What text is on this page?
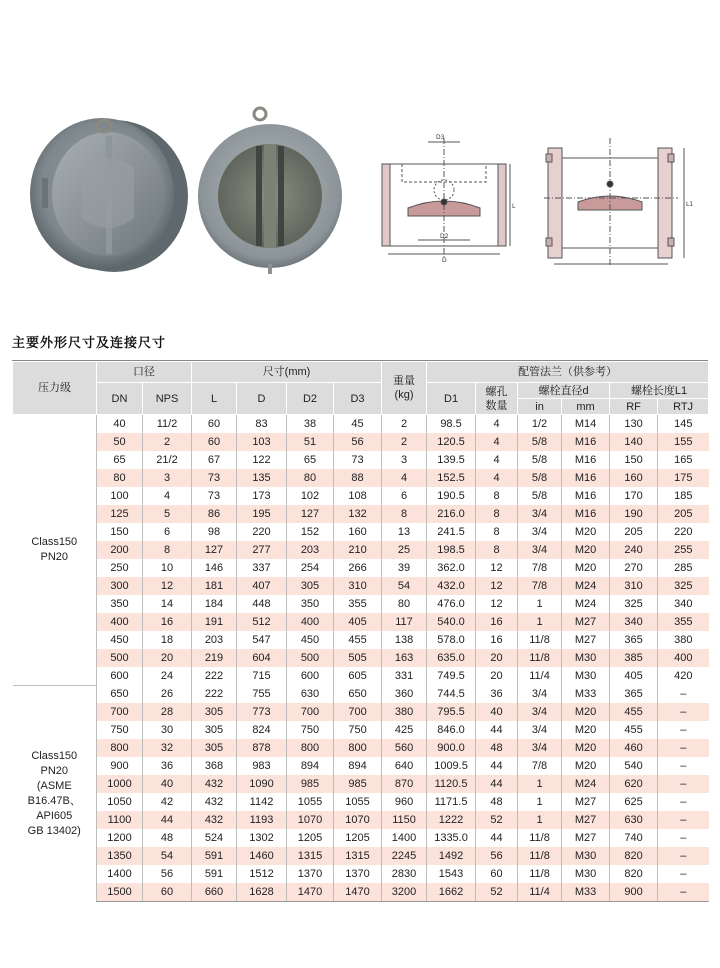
D3
D2
D
L	L1
主要外形尺寸及连接尺寸
压力级	口径		尺寸(mm)				重量
(kg)	配管法兰（供参考）					
	DN	NPS	L	D	D2	D3		D1	螺孔
数量	螺栓直径d		螺栓长度L1	
										in	mm	RF	RTJ
Class150
PN20	40	11/2	60	83	38	45	2	98.5	4	1/2	M14	130	145
	50	2	60	103	51	56	2	120.5	4	5/8	M16	140	155
	65	21/2	67	122	65	73	3	139.5	4	5/8	M16	150	165
	80	3	73	135	80	88	4	152.5	4	5/8	M16	160	175
	100	4	73	173	102	108	6	190.5	8	5/8	M16	170	185
	125	5	86	195	127	132	8	216.0	8	3/4	M16	190	205
	150	6	98	220	152	160	13	241.5	8	3/4	M20	205	220
	200	8	127	277	203	210	25	198.5	8	3/4	M20	240	255
	250	10	146	337	254	266	39	362.0	12	7/8	M20	270	285
	300	12	181	407	305	310	54	432.0	12	7/8	M24	310	325
	350	14	184	448	350	355	80	476.0	12	1	M24	325	340
	400	16	191	512	400	405	117	540.0	16	1	M27	340	355
	450	18	203	547	450	455	138	578.0	16	11/8	M27	365	380
	500	20	219	604	500	505	163	635.0	20	11/8	M30	385	400
	600	24	222	715	600	605	331	749.5	20	11/4	M30	405	420
Class150
PN20
(ASME B16.47B、
API605
GB 13402)	650	26	222	755	630	650	360	744.5	36	3/4	M33	365	–
	700	28	305	773	700	700	380	795.5	40	3/4	M20	455	–
	750	30	305	824	750	750	425	846.0	44	3/4	M20	455	–
	800	32	305	878	800	800	560	900.0	48	3/4	M20	460	–
	900	36	368	983	894	894	640	1009.5	44	7/8	M20	540	–
	1000	40	432	1090	985	985	870	1120.5	44	1	M24	620	–
	1050	42	432	1142	1055	1055	960	1171.5	48	1	M27	625	–
	1100	44	432	1193	1070	1070	1150	1222	52	1	M27	630	–
	1200	48	524	1302	1205	1205	1400	1335.0	44	11/8	M27	740	–
	1350	54	591	1460	1315	1315	2245	1492	56	11/8	M30	820	–
	1400	56	591	1512	1370	1370	2830	1543	60	11/8	M30	820	–
	1500	60	660	1628	1470	1470	3200	1662	52	11/4	M33	900	–
